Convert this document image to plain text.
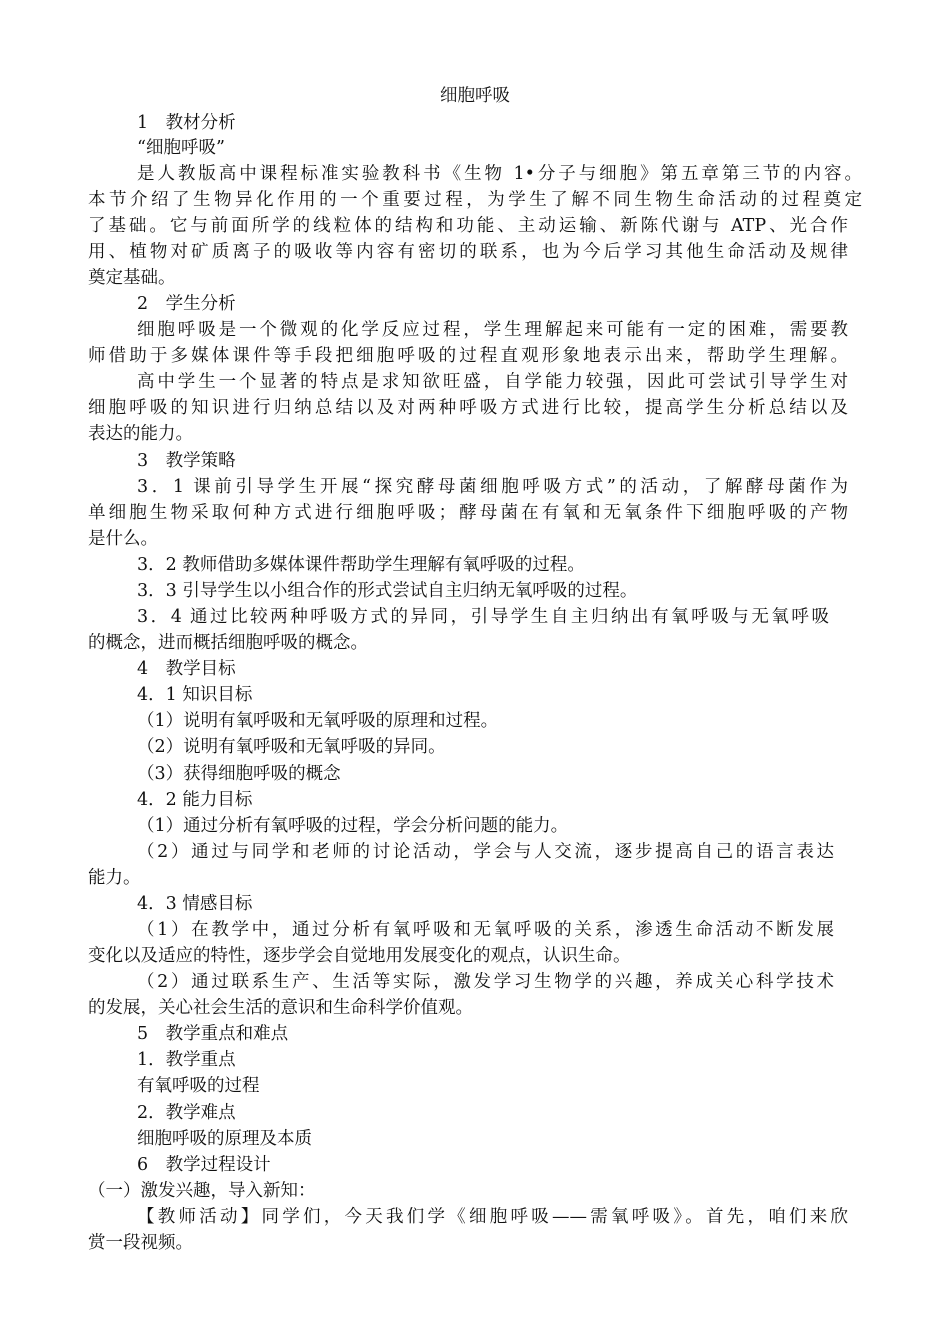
细胞呼吸
1　教材分析
“细胞呼吸”
是人教版高中课程标准实验教科书《生物 1•分子与细胞》第五章第三节的内容。
本节介绍了生物异化作用的一个重要过程，为学生了解不同生物生命活动的过程奠定
了基础。它与前面所学的线粒体的结构和功能、主动运输、新陈代谢与 ATP、光合作
用、植物对矿质离子的吸收等内容有密切的联系，也为今后学习其他生命活动及规律
奠定基础。
2　学生分析
细胞呼吸是一个微观的化学反应过程，学生理解起来可能有一定的困难，需要教
师借助于多媒体课件等手段把细胞呼吸的过程直观形象地表示出来，帮助学生理解。
高中学生一个显著的特点是求知欲旺盛，自学能力较强，因此可尝试引导学生对
细胞呼吸的知识进行归纳总结以及对两种呼吸方式进行比较，提高学生分析总结以及
表达的能力。
3　教学策略
3．1 课前引导学生开展“探究酵母菌细胞呼吸方式”的活动，了解酵母菌作为
单细胞生物采取何种方式进行细胞呼吸；酵母菌在有氧和无氧条件下细胞呼吸的产物
是什么。
3．2 教师借助多媒体课件帮助学生理解有氧呼吸的过程。
3．3 引导学生以小组合作的形式尝试自主归纳无氧呼吸的过程。
3．4 通过比较两种呼吸方式的异同，引导学生自主归纳出有氧呼吸与无氧呼吸
的概念，进而概括细胞呼吸的概念。
4　教学目标
4．1 知识目标
（1）说明有氧呼吸和无氧呼吸的原理和过程。
（2）说明有氧呼吸和无氧呼吸的异同。
（3）获得细胞呼吸的概念
4．2 能力目标
（1）通过分析有氧呼吸的过程，学会分析问题的能力。
（2）通过与同学和老师的讨论活动，学会与人交流，逐步提高自己的语言表达
能力。
4．3 情感目标
（1）在教学中，通过分析有氧呼吸和无氧呼吸的关系，渗透生命活动不断发展
变化以及适应的特性，逐步学会自觉地用发展变化的观点，认识生命。
（2）通过联系生产、生活等实际，激发学习生物学的兴趣，养成关心科学技术
的发展，关心社会生活的意识和生命科学价值观。
5　教学重点和难点
1．教学重点
有氧呼吸的过程
2．教学难点
细胞呼吸的原理及本质
6　教学过程设计
（一）激发兴趣，导入新知：
【教师活动】同学们，今天我们学《细胞呼吸——需氧呼吸》。首先，咱们来欣
赏一段视频。
